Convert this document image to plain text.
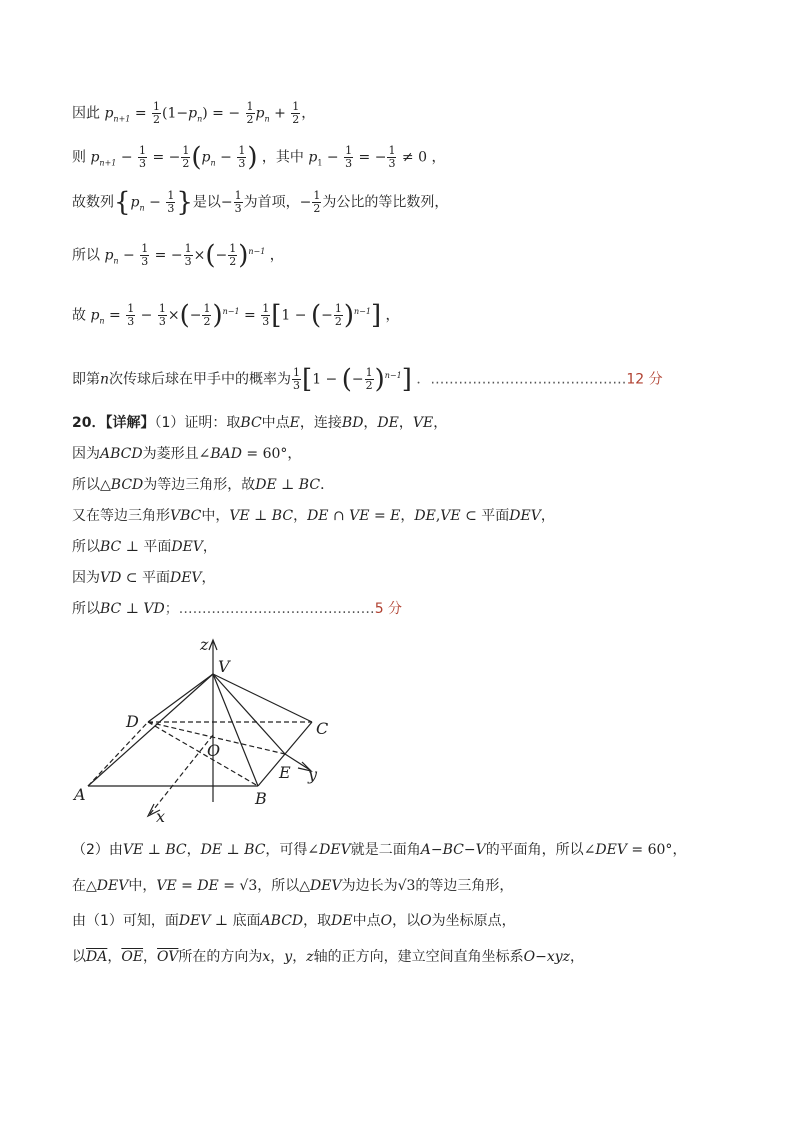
因此 $p_{n+1} = \frac{1}{2} (1-p_n)$ = − $\frac{1}{2} p_n + \frac{1}{2}$ ，
则 $p_{n+1} - \frac{1}{3}$ = − $\frac{1}{2} (p_n - \frac{1}{3}$ ) ，其中 $p_1 - \frac{1}{3}$ = − $\frac{1}{3} \ne 0$ ，
故数列{$p_n - \frac{1}{3}$ }是以− $\frac{1}{3}$ 为首项，− $\frac{1}{2}$ 为公比的等比数列，
所以 $p_n - \frac{1}{3}$ = − $\frac{1}{3}$ ×(− $\frac{1}{2} )^{n-1}$ ，
故 $p_n = \frac{1}{3} - \frac{1}{3}$ ×(− $\frac{1}{2} )^{n-1} = \frac{1}{3} [1$ − (− $\frac{1}{2} )^{n-1}$] ，
即第n次传球后球在甲手中的概率为 $\frac{1}{3} [1$ − (− $\frac{1}{2} )^{n-1}$] ．……………………………………12 分
20．【详解】（1）证明：取BC中点E，连接BD，DE，VE，
因为ABCD为菱形且∠BAD = 60°，
所以△BCD为等边三角形，故DE ⊥ BC．
又在等边三角形VBC中，VE ⊥ BC，DE ∩ VE = E，DE,VE ⊂ 平面DEV，
所以BC ⊥ 平面DEV，
因为VD ⊂ 平面DEV，
所以BC ⊥ VD；……………………………………5 分
z
V
D	C
O
E y
A	B
x
（2）由VE ⊥ BC，DE ⊥ BC，可得∠DEV就是二面角A−BC−V的平面角，所以∠DEV = 60°，
在△DEV中，VE = DE = √3，所以△DEV为边长为√3的等边三角形，
由（1）可知，面DEV ⊥ 底面ABCD，取DE中点O，以O为坐标原点，
以$\overline{DA}$，$\overline{OE}$，$\overline{OV}$所在的方向为x，y，z轴的正方向，建立空间直角坐标系O−xyz，
